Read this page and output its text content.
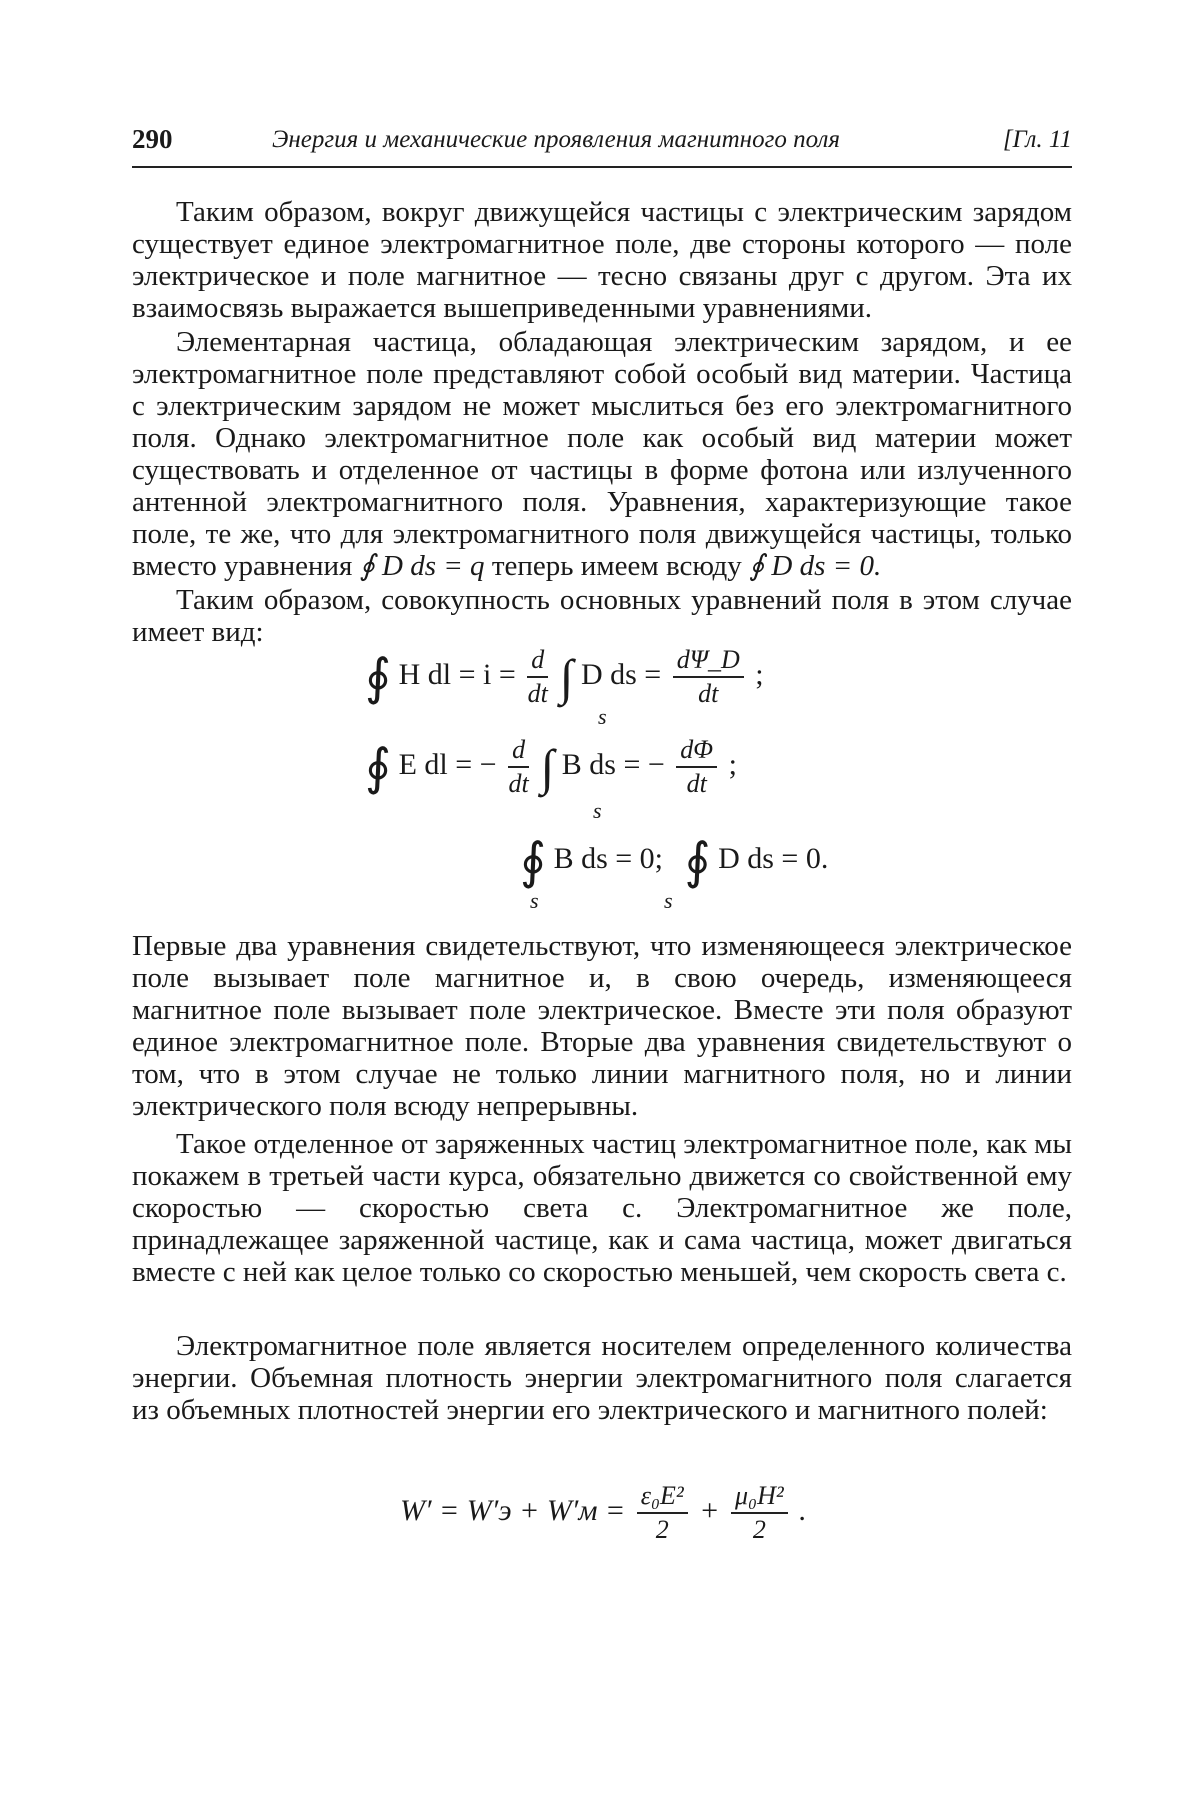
290	Энергия и механические проявления магнитного поля	[Гл. 11

Таким образом, вокруг движущейся частицы с электрическим зарядом существует единое электромагнитное поле, две стороны которого — поле электрическое и поле магнитное — тесно связаны друг с другом. Эта их взаимосвязь выражается вышеприведенными уравнениями.

Элементарная частица, обладающая электрическим зарядом, и ее электромагнитное поле представляют собой особый вид материи. Частица с электрическим зарядом не может мыслиться без его электромагнитного поля. Однако электромагнитное поле как особый вид материи может существовать и отделенное от частицы в форме фотона или излученного антенной электромагнитного поля. Уравнения, характеризующие такое поле, те же, что для электромагнитного поля движущейся частицы, только вместо уравнения ∮ D ds = q теперь имеем всюду ∮ D ds = 0.

Таким образом, совокупность основных уравнений поля в этом случае имеет вид:

∮ H dl = $i = \frac{d}{dt}$ ∫ D ds = $\frac{d\Psi\_D}{dt}$ ;
s
∮ E dl = − $\frac{d}{dt}$ ∫ B ds = − $\frac{d\Phi}{dt}$ ;
s
∮ B ds = 0; ∮ D ds = 0.
s	s

Первые два уравнения свидетельствуют, что изменяющееся электрическое поле вызывает поле магнитное и, в свою очередь, изменяющееся магнитное поле вызывает поле электрическое. Вместе эти поля образуют единое электромагнитное поле. Вторые два уравнения свидетельствуют о том, что в этом случае не только линии магнитного поля, но и линии электрического поля всюду непрерывны.

Такое отделенное от заряженных частиц электромагнитное поле, как мы покажем в третьей части курса, обязательно движется со свойственной ему скоростью — скоростью света c. Электромагнитное же поле, принадлежащее заряженной частице, как и сама частица, может двигаться вместе с ней как целое только со скоростью меньшей, чем скорость света c.

Электромагнитное поле является носителем определенного количества энергии. Объемная плотность энергии электромагнитного поля слагается из объемных плотностей энергии его электрического и магнитного полей:

$W' = W'э + W'м = \frac{\text{ε₀E²}}{2} + \frac{\text{μ₀H²}}{2}$ .
